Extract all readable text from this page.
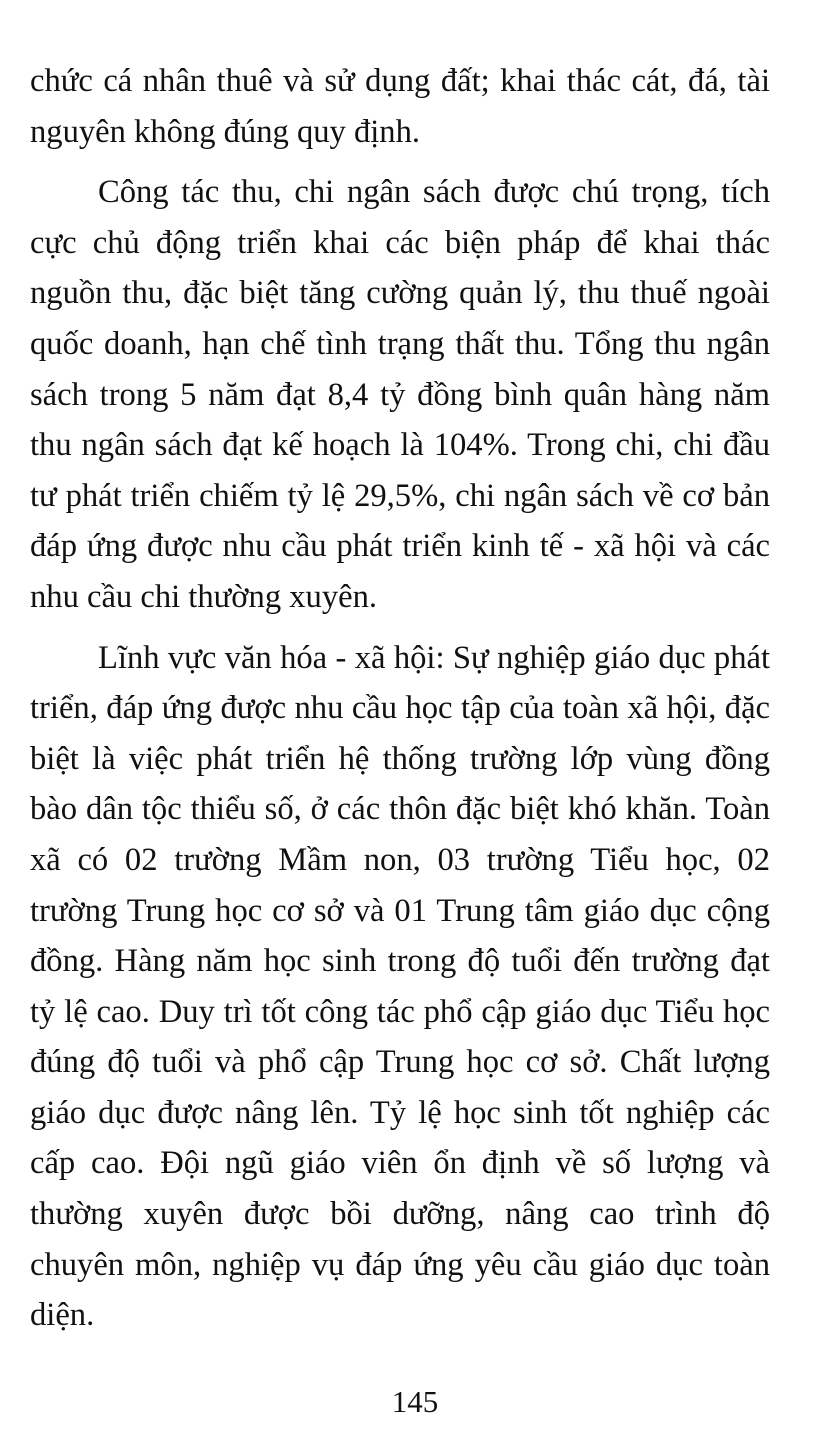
chức cá nhân thuê và sử dụng đất; khai thác cát, đá, tài nguyên không đúng quy định.

Công tác thu, chi ngân sách được chú trọng, tích cực chủ động triển khai các biện pháp để khai thác nguồn thu, đặc biệt tăng cường quản lý, thu thuế ngoài quốc doanh, hạn chế tình trạng thất thu. Tổng thu ngân sách trong 5 năm đạt 8,4 tỷ đồng bình quân hàng năm thu ngân sách đạt kế hoạch là 104%. Trong chi, chi đầu tư phát triển chiếm tỷ lệ 29,5%, chi ngân sách về cơ bản đáp ứng được nhu cầu phát triển kinh tế - xã hội và các nhu cầu chi thường xuyên.

Lĩnh vực văn hóa - xã hội: Sự nghiệp giáo dục phát triển, đáp ứng được nhu cầu học tập của toàn xã hội, đặc biệt là việc phát triển hệ thống trường lớp vùng đồng bào dân tộc thiểu số, ở các thôn đặc biệt khó khăn. Toàn xã có 02 trường Mầm non, 03 trường Tiểu học, 02 trường Trung học cơ sở và 01 Trung tâm giáo dục cộng đồng. Hàng năm học sinh trong độ tuổi đến trường đạt tỷ lệ cao. Duy trì tốt công tác phổ cập giáo dục Tiểu học đúng độ tuổi và phổ cập Trung học cơ sở. Chất lượng giáo dục được nâng lên. Tỷ lệ học sinh tốt nghiệp các cấp cao. Đội ngũ giáo viên ổn định về số lượng và thường xuyên được bồi dưỡng, nâng cao trình độ chuyên môn, nghiệp vụ đáp ứng yêu cầu giáo dục toàn diện.

145
